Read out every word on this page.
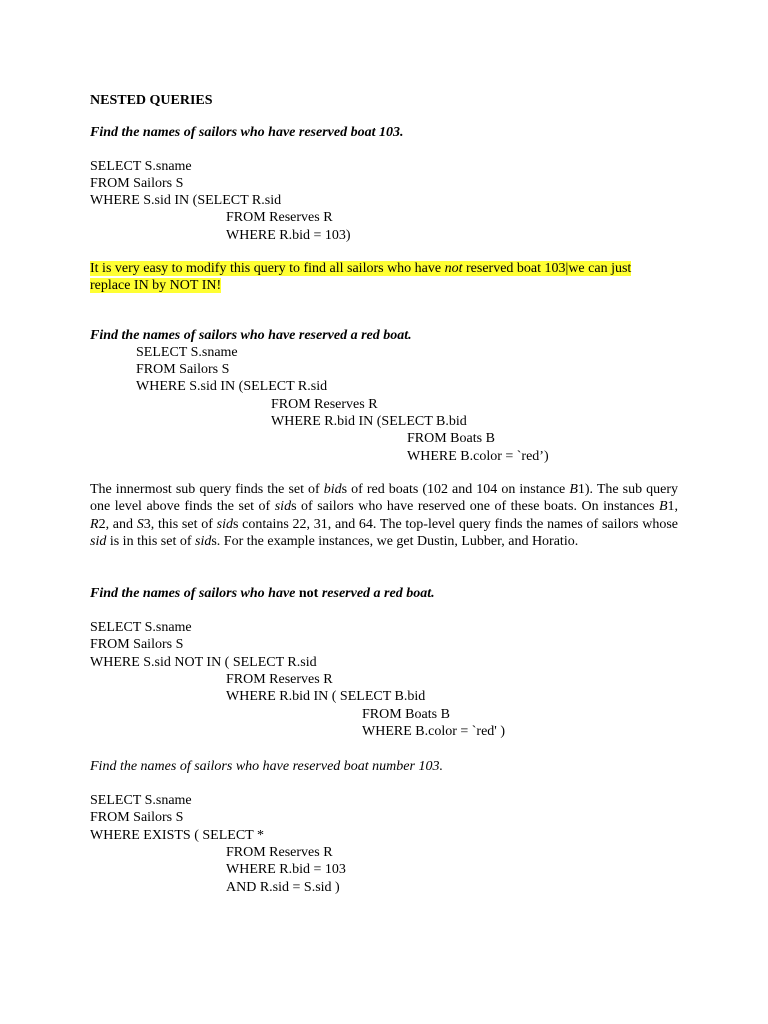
NESTED QUERIES
Find the names of sailors who have reserved boat 103.
SELECT S.sname
FROM Sailors S
WHERE S.sid IN (SELECT R.sid
FROM Reserves R
WHERE R.bid = 103)
It is very easy to modify this query to find all sailors who have not reserved boat 103|we can just
replace IN by NOT IN!
Find the names of sailors who have reserved a red boat.
SELECT S.sname
FROM Sailors S
WHERE S.sid IN (SELECT R.sid
FROM Reserves R
WHERE R.bid IN (SELECT B.bid
FROM Boats B
WHERE B.color = `red’)
The innermost sub query finds the set of bids of red boats (102 and 104 on instance B1). The sub query one level above finds the set of sids of sailors who have reserved one of these boats. On instances B1, R2, and S3, this set of sids contains 22, 31, and 64. The top-level query finds the names of sailors whose sid is in this set of sids. For the example instances, we get Dustin, Lubber, and Horatio.
Find the names of sailors who have not reserved a red boat.
SELECT S.sname
FROM Sailors S
WHERE S.sid NOT IN ( SELECT R.sid
FROM Reserves R
WHERE R.bid IN ( SELECT B.bid
FROM Boats B
WHERE B.color = `red' )
Find the names of sailors who have reserved boat number 103.
SELECT S.sname
FROM Sailors S
WHERE EXISTS ( SELECT *
FROM Reserves R
WHERE R.bid = 103
AND R.sid = S.sid )
